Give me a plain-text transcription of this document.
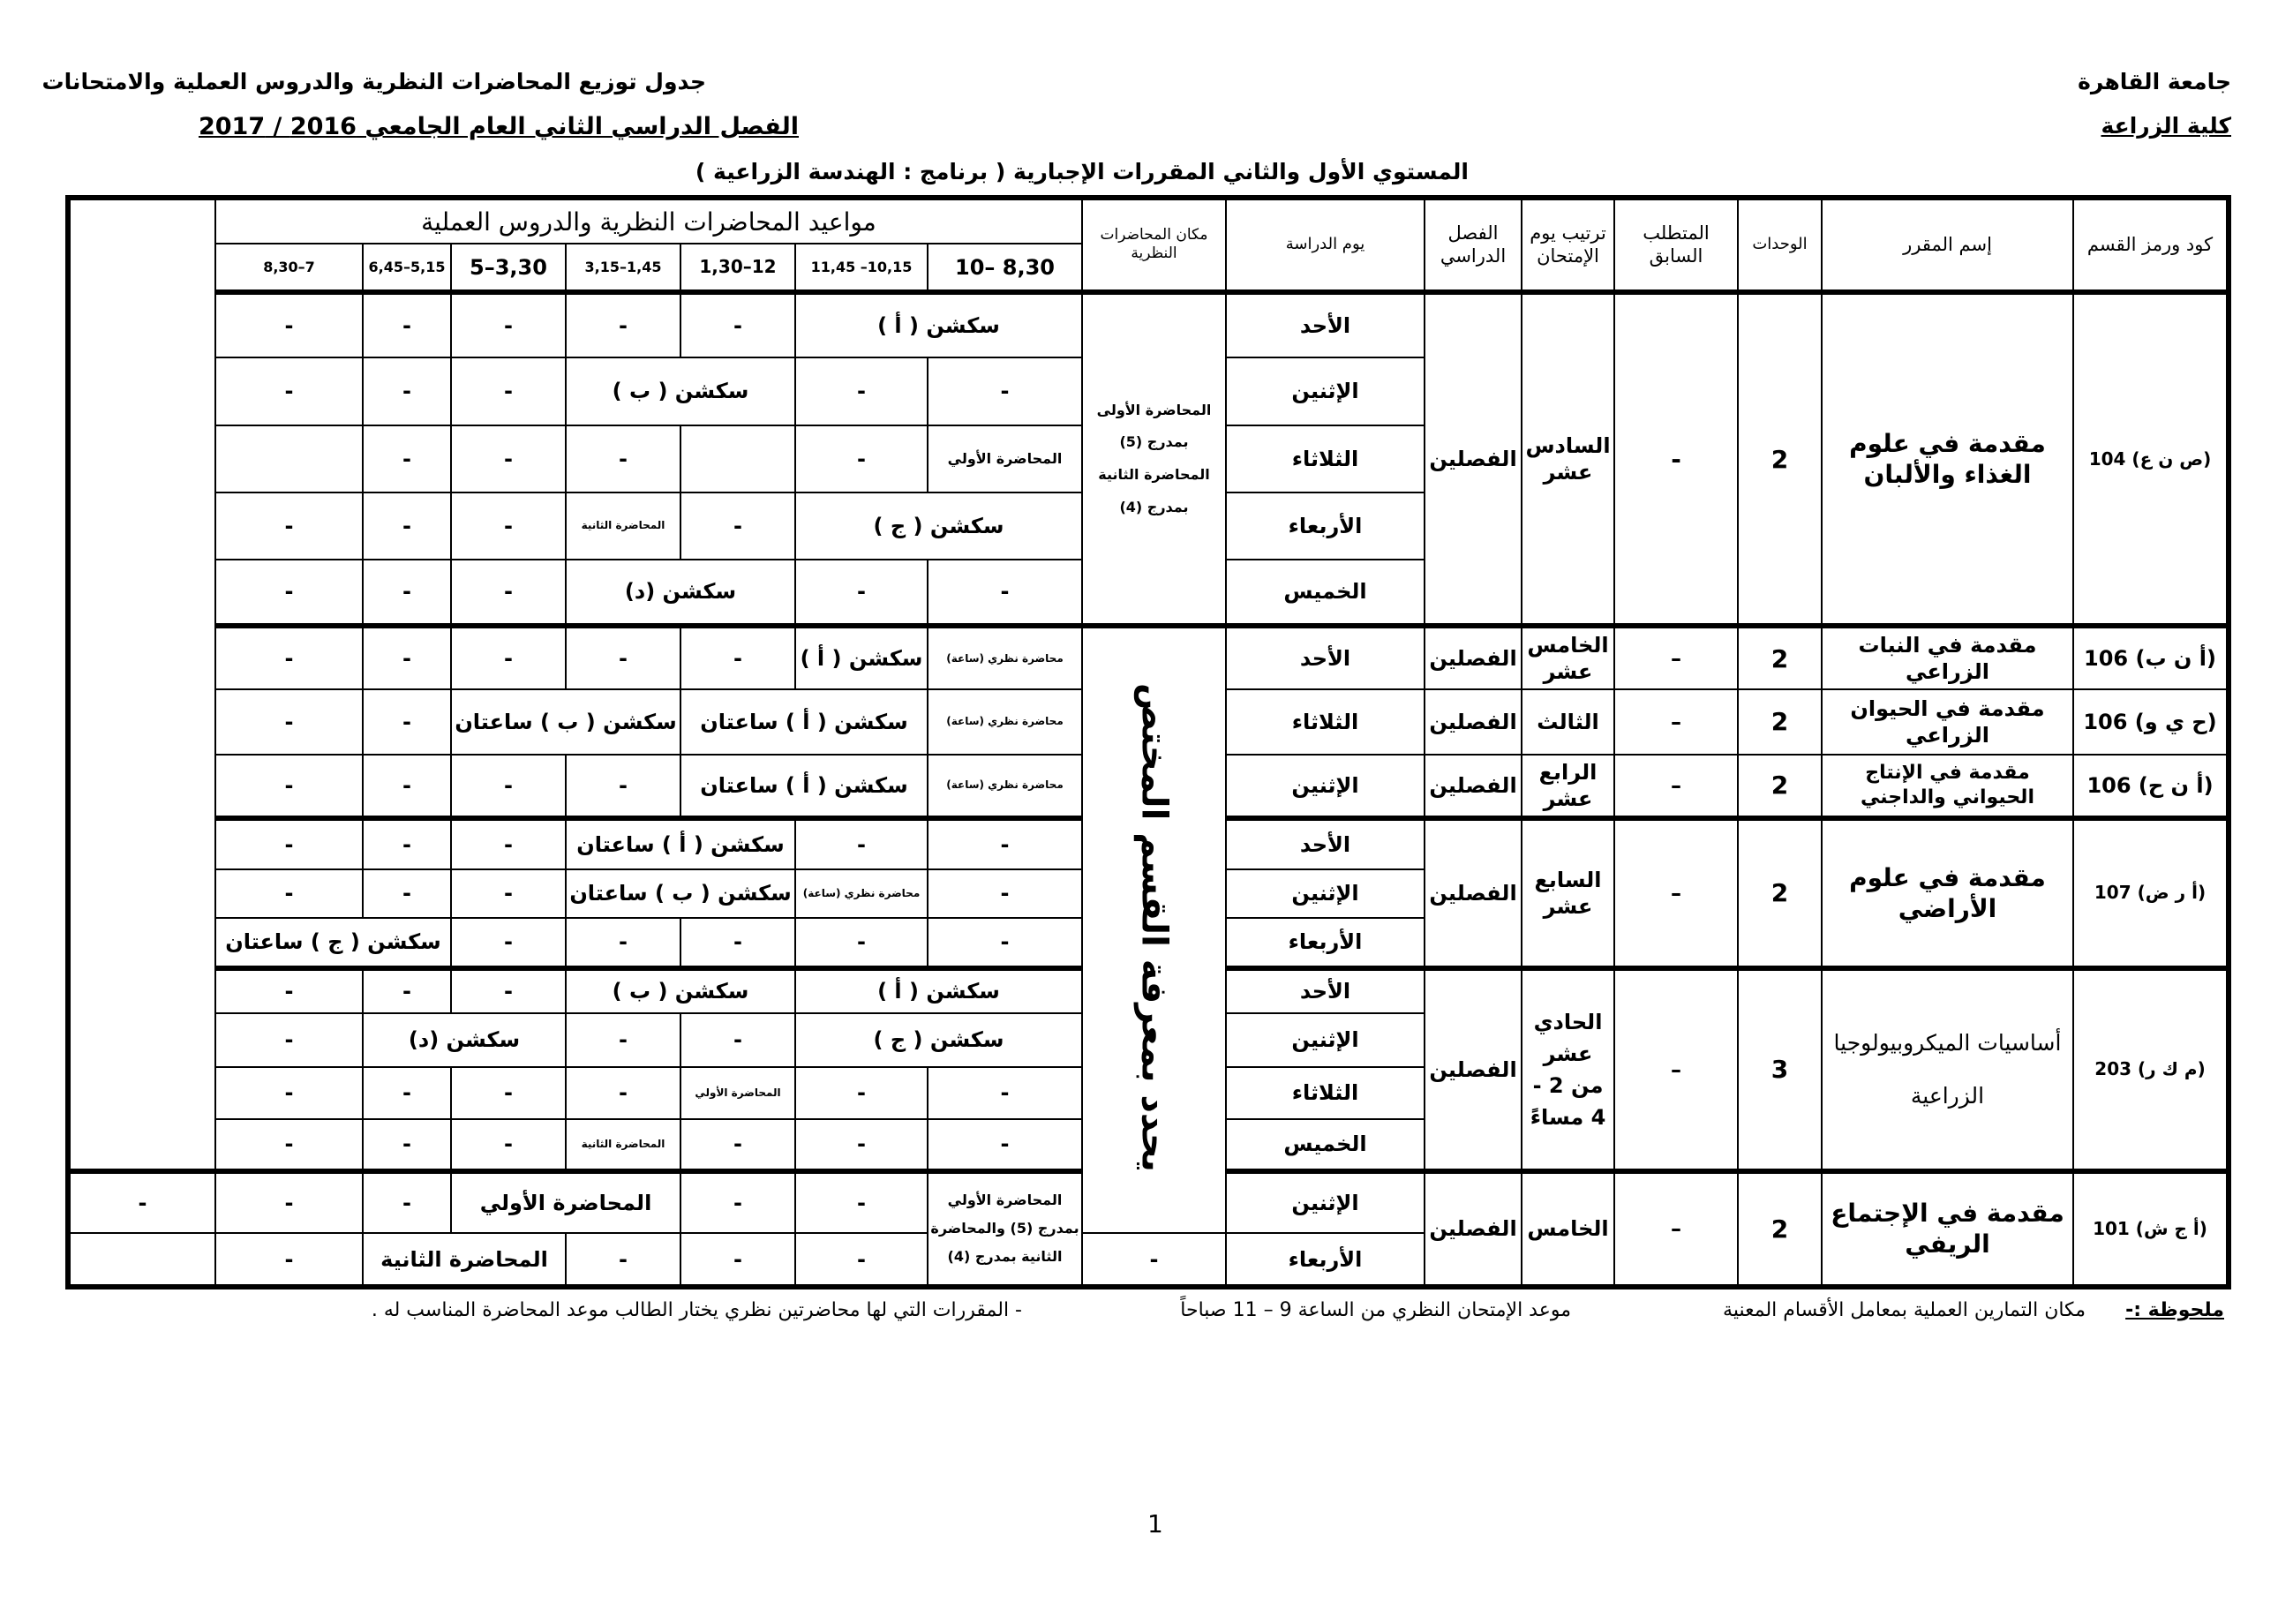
جامعة القاهرة
كلية الزراعة
جدول توزيع المحاضرات النظرية والدروس العملية والامتحانات
الفصل الدراسي الثاني العام الجامعي 2016 / 2017
المستوي الأول والثاني المقررات الإجبارية ( برنامج : الهندسة الزراعية )
كود ورمز القسم	إسم المقرر	الوحدات	المتطلب السابق	ترتيب يوم الإمتحان	الفصل الدراسي	يوم الدراسة	مكان المحاضرات النظرية	مواعيد المحاضرات النظرية والدروس العملية							
								8,30 –10	10,15– 11,45	12–1,30	1,45–3,15	3,30–5	5,15–6,45	7–8,30	
(ص ن ع) 104	مقدمة في علوم الغذاء والألبان	2	-	السادس عشر	الفصلين	الأحد	المحاضرة الأولى بمدرج (5) المحاضرة الثانية بمدرج (4)	سكشن ( أ )		-	-	-	-	-	
						الإثنين		-	-	سكشن ( ب )		-	-	-	
						الثلاثاء		المحاضرة الأولي	-		-	-	-		
						الأربعاء		سكشن ( ج )		-	المحاضرة الثانية	-	-	-	
						الخميس		-	-	سكشن (د)		-	-	-	
(أ ن ب) 106	مقدمة في النبات الزراعي	2	–	الخامس عشر	الفصلين	الأحد	يحدد بمعرفة القسم المختص	محاضرة نظري (ساعة)	سكشن ( أ )	-	-	-	-	-	
(ح ي و) 106	مقدمة في الحيوان الزراعي	2	–	الثالث	الفصلين	الثلاثاء		محاضرة نظري (ساعة)	سكشن ( أ ) ساعتان		سكشن ( ب ) ساعتان		-	-	
(أ ن ح) 106	مقدمة في الإنتاج الحيواني والداجني	2	–	الرابع عشر	الفصلين	الإثنين		محاضرة نظري (ساعة)	سكشن ( أ ) ساعتان		-	-	-	-	
(أ ر ض) 107	مقدمة في علوم الأراضي	2	–	السابع عشر	الفصلين	الأحد		-	-	سكشن ( أ ) ساعتان		-	-	-	
						الإثنين		-	محاضرة نظري (ساعة)	سكشن ( ب ) ساعتان		-	-	-	
						الأربعاء		-	-	-	-	-	سكشن ( ج ) ساعتان		
(م ك ر) 203	أساسيات الميكروبيولوجيا الزراعية	3	–	الحادي عشر من 2 - 4 مساءً	الفصلين	الأحد		سكشن ( أ )		سكشن ( ب )		-	-	-	
						الإثنين		سكشن ( ج )		-	-	سكشن (د)		-	
						الثلاثاء		-	-	المحاضرة الأولي	-	-	-	-	
						الخميس		-	-	-	المحاضرة الثانية	-	-	-	
(أ ج ش) 101	مقدمة في الإجتماع الريفي	2	–	الخامس	الفصلين	الإثنين		المحاضرة الأولي بمدرج (5) والمحاضرة الثانية بمدرج (4)	-	-	المحاضرة الأولي		-	-	-
						الأربعاء	-		-	-	-	المحاضرة الثانية		-	
ملحوظة :-
مكان التمارين العملية بمعامل الأقسام المعنية
موعد الإمتحان النظري من الساعة 9 – 11 صباحاً
- المقررات التي لها محاضرتين نظري يختار الطالب موعد المحاضرة المناسب له .
1
